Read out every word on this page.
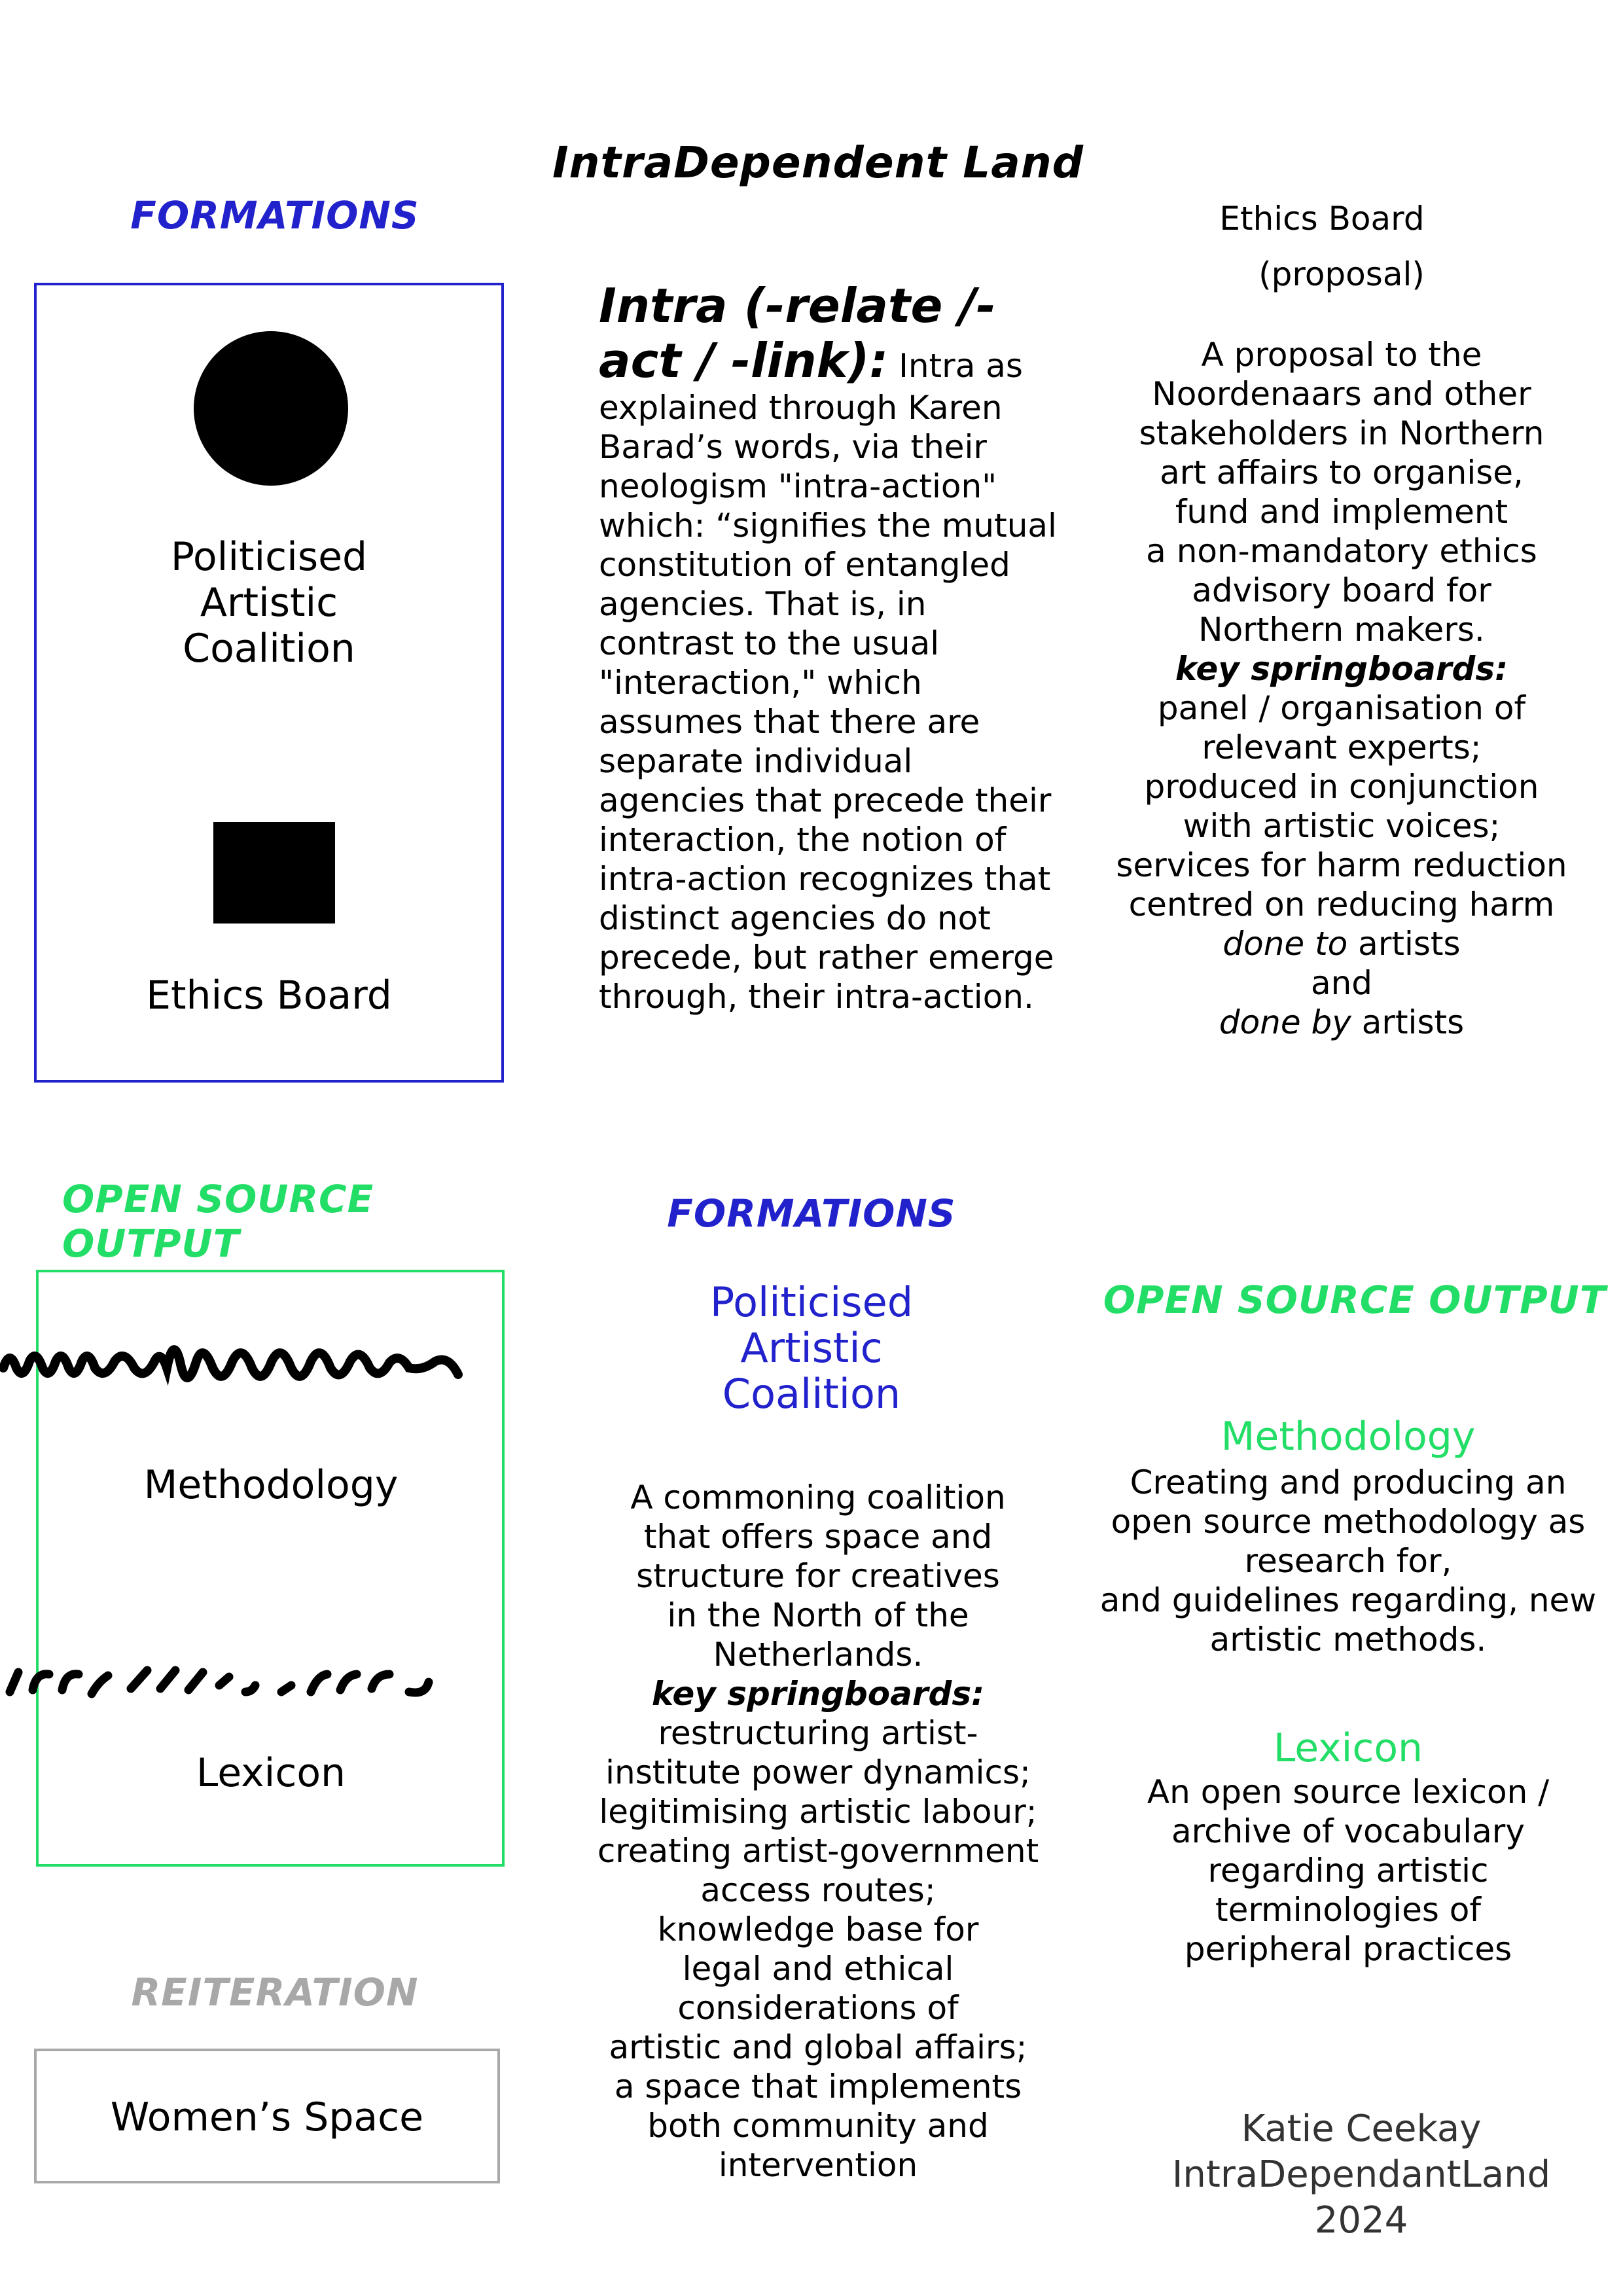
IntraDependent Land
FORMATIONS
Politicised
Artistic
Coalition
Ethics Board
OPEN SOURCE OUTPUT
Methodology
Lexicon
REITERATION
Women’s Space
Intra (-relate /-act / -link): Intra as explained through Karen Barad’s words, via their neologism "intra-action" which: “signifies the mutual constitution of entangled agencies. That is, in contrast to the usual "interaction," which assumes that there are separate individual agencies that precede their interaction, the notion of intra-action recognizes that distinct agencies do not precede, but rather emerge through, their intra-action.
Ethics Board
(proposal)

A proposal to the
Noordenaars and other
stakeholders in Northern
art affairs to organise,
fund and implement
a non-mandatory ethics
advisory board for
Northern makers.

key springboards:

panel / organisation of
relevant experts;
produced in conjunction
with artistic voices;
services for harm reduction
centred on reducing harm

done to artists

and

done by artists

FORMATIONS
Politicised
Artistic
Coalition

A commoning coalition
that offers space and
structure for creatives
in the North of the
Netherlands.

key springboards:

restructuring artist-
institute power dynamics;
legitimising artistic labour;
creating artist-government
access routes;
knowledge base for
legal and ethical
considerations of
artistic and global affairs;
a space that implements
both community and
intervention

OPEN SOURCE OUTPUT
Methodology
Creating and producing an
open source methodology as
research for,
and guidelines regarding, new
artistic methods.
Lexicon
An open source lexicon /
archive of vocabulary
regarding artistic
terminologies of
peripheral practices

Katie Ceekay

IntraDependantLand

2024
